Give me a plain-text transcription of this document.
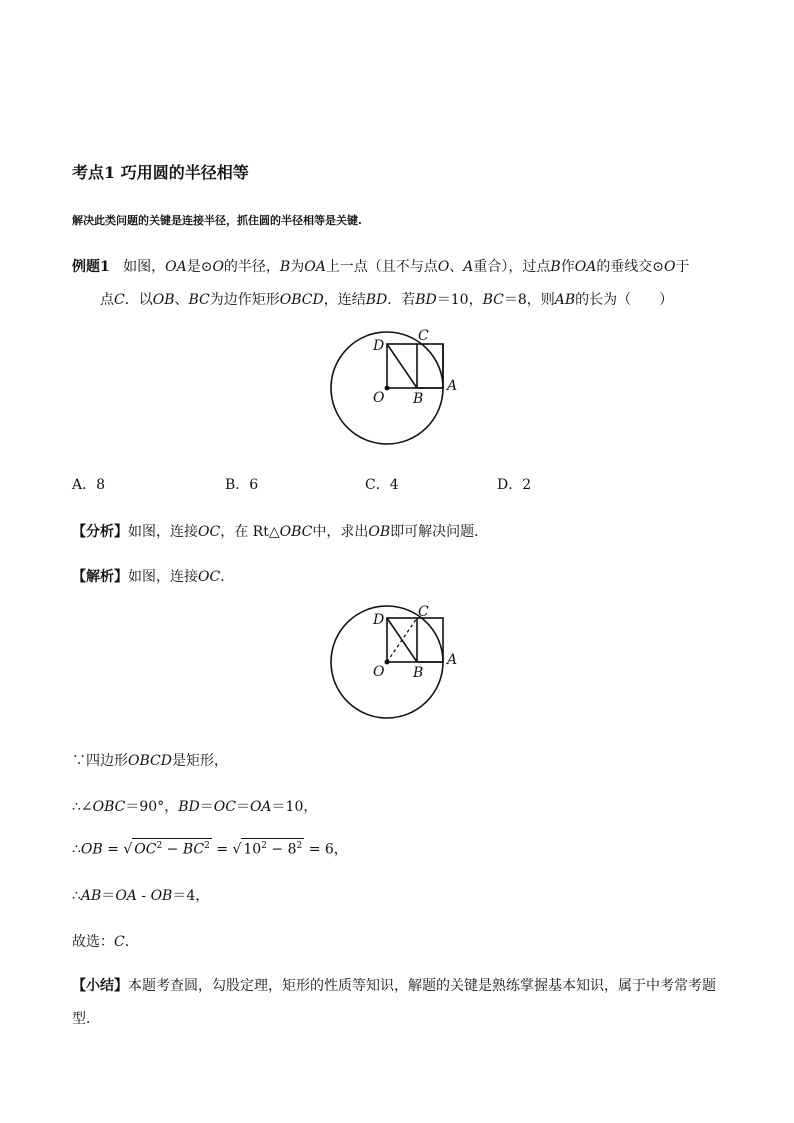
考点1 巧用圆的半径相等
解决此类问题的关键是连接半径，抓住圆的半径相等是关键.
例题1 如图，OA是⊙O的半径，B为OA上一点（且不与点O、A重合），过点B作OA的垂线交⊙O于
点C．以OB、BC为边作矩形OBCD，连结BD．若BD＝10，BC＝8，则AB的长为（　　）
D
C
O B
A
A．8	B．6	C．4	D．2
【分析】如图，连接OC，在 Rt△OBC中，求出OB即可解决问题．
【解析】如图，连接OC．
D C
O B
A
∵四边形OBCD是矩形，
∴∠OBC＝90°，BD＝OC＝OA＝10，
∴OB = √ $OC^2 - BC^2$ = √ $10^2 - 8^2 = 6$，
∴AB＝OA - OB＝4，
故选：C．
【小结】本题考查圆，勾股定理，矩形的性质等知识，解题的关键是熟练掌握基本知识，属于中考常考题
型．
